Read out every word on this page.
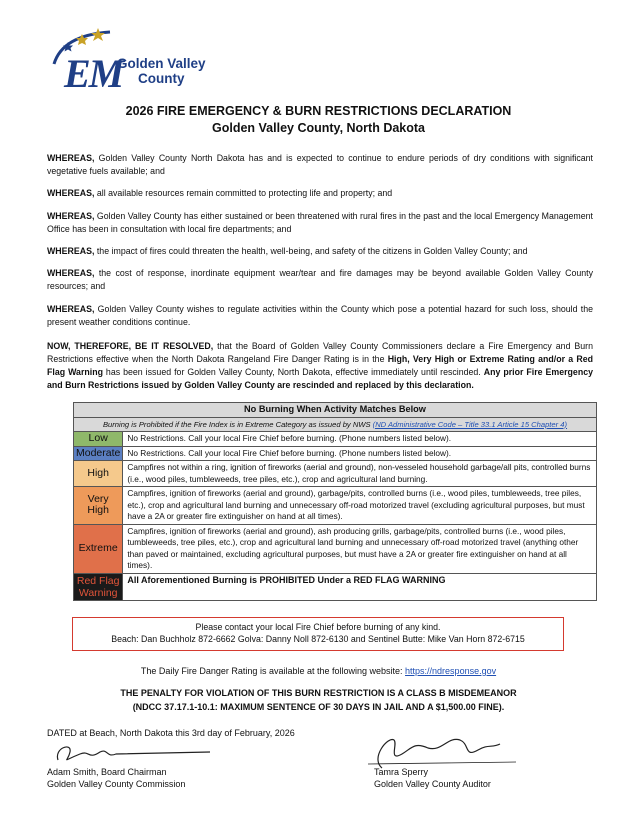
EM
Golden Valley
County
2026 FIRE EMERGENCY & BURN RESTRICTIONS DECLARATION
Golden Valley County, North Dakota
WHEREAS, Golden Valley County North Dakota has and is expected to continue to endure periods of dry conditions with significant vegetative fuels available; and
WHEREAS, all available resources remain committed to protecting life and property; and
WHEREAS, Golden Valley County has either sustained or been threatened with rural fires in the past and the local Emergency Management Office has been in consultation with local fire departments; and
WHEREAS, the impact of fires could threaten the health, well-being, and safety of the citizens in Golden Valley County; and
WHEREAS, the cost of response, inordinate equipment wear/tear and fire damages may be beyond available Golden Valley County resources; and
WHEREAS, Golden Valley County wishes to regulate activities within the County which pose a potential hazard for such loss, should the present weather conditions continue.
NOW, THEREFORE, BE IT RESOLVED, that the Board of Golden Valley County Commissioners declare a Fire Emergency and Burn Restrictions effective when the North Dakota Rangeland Fire Danger Rating is in the High, Very High or Extreme Rating and/or a Red Flag Warning has been issued for Golden Valley County, North Dakota, effective immediately until rescinded. Any prior Fire Emergency and Burn Restrictions issued by Golden Valley County are rescinded and replaced by this declaration.
No Burning When Activity Matches Below	
Burning is Prohibited if the Fire Index is in Extreme Category as issued by NWS (ND Administrative Code – Title 33.1 Article 15 Chapter 4)	
Low	No Restrictions. Call your local Fire Chief before burning. (Phone numbers listed below).
Moderate	No Restrictions. Call your local Fire Chief before burning. (Phone numbers listed below).
High	Campfires not within a ring, ignition of fireworks (aerial and ground), non-vesseled household garbage/all pits, controlled burns (i.e., wood piles, tumbleweeds, tree piles, etc.), crop and agricultural land burning.
Very High	Campfires, ignition of fireworks (aerial and ground), garbage/pits, controlled burns (i.e., wood piles, tumbleweeds, tree piles, etc.), crop and agricultural land burning and unnecessary off-road motorized travel (excluding agricultural purposes, but must have a 2A or greater fire extinguisher on hand at all times).
Extreme	Campfires, ignition of fireworks (aerial and ground), ash producing grills, garbage/pits, controlled burns (i.e., wood piles, tumbleweeds, tree piles, etc.), crop and agricultural land burning and unnecessary off-road motorized travel (anything other than paved or maintained, excluding agricultural purposes, but must have a 2A or greater fire extinguisher on hand at all times).
Red Flag Warning	All Aforementioned Burning is PROHIBITED Under a RED FLAG WARNING
Please contact your local Fire Chief before burning of any kind.
Beach: Dan Buchholz 872-6662 Golva: Danny Noll 872-6130 and Sentinel Butte: Mike Van Horn 872-6715
The Daily Fire Danger Rating is available at the following website: https://ndresponse.gov
THE PENALTY FOR VIOLATION OF THIS BURN RESTRICTION IS A CLASS B MISDEMEANOR
(NDCC 37.17.1-10.1: MAXIMUM SENTENCE OF 30 DAYS IN JAIL AND A $1,500.00 FINE).
DATED at Beach, North Dakota this 3rd day of February, 2026
Adam Smith, Board Chairman
Golden Valley County Commission
Tamra Sperry
Golden Valley County Auditor
